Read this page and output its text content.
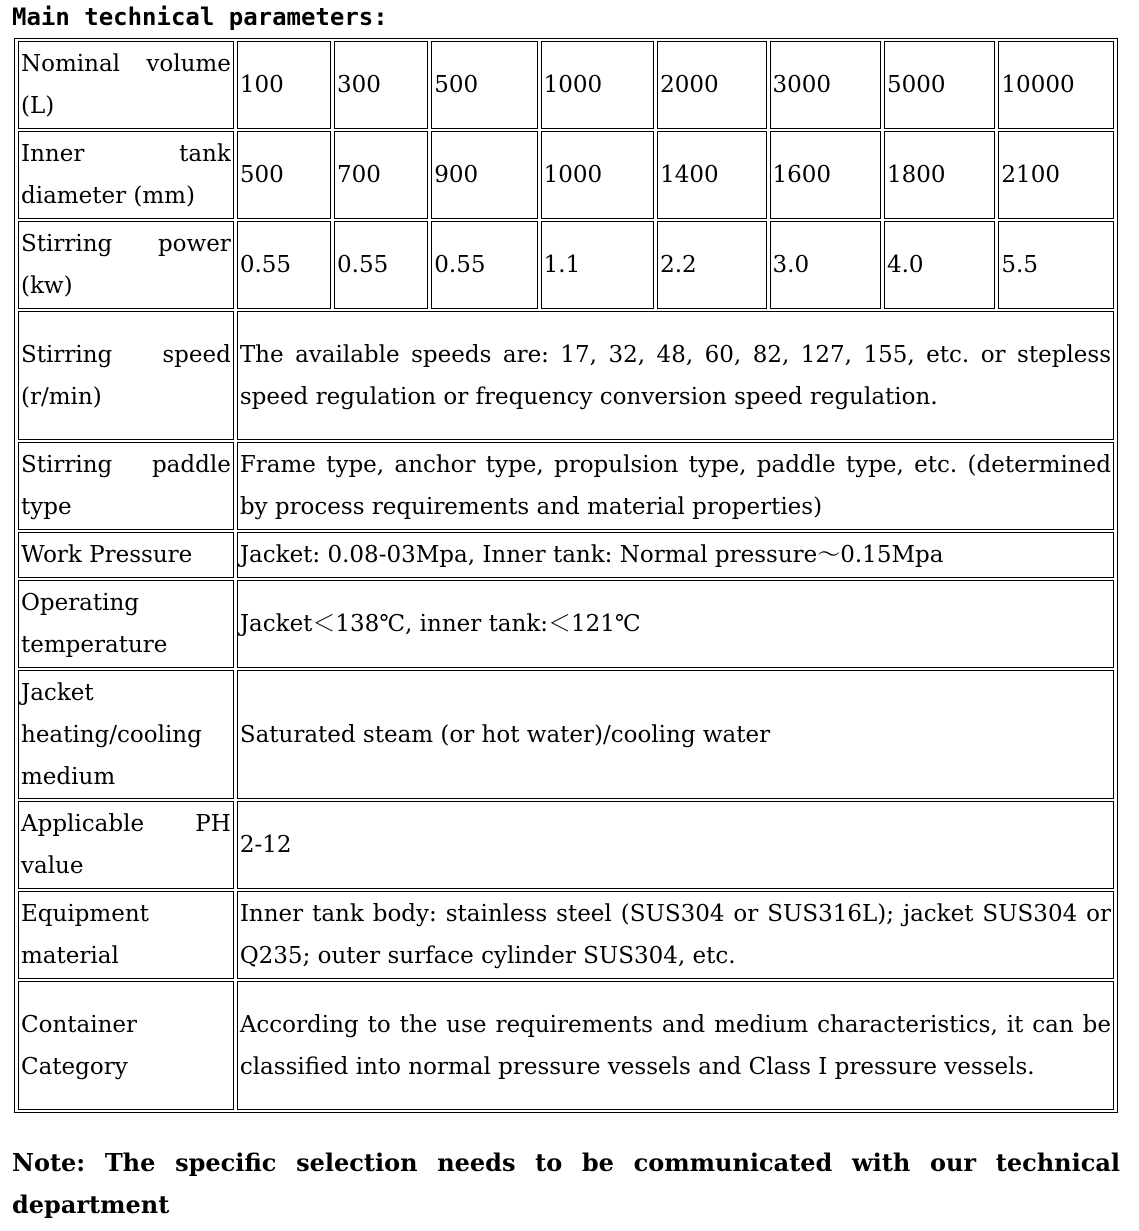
Main technical parameters:
Nominal volume (L)	100	300	500	1000	2000	3000	5000	10000
Inner tank diameter (mm)	500	700	900	1000	1400	1600	1800	2100
Stirring power (kw)	0.55	0.55	0.55	1.1	2.2	3.0	4.0	5.5
Stirring speed (r/min)	The available speeds are: 17, 32, 48, 60, 82, 127, 155, etc. or stepless speed regulation or frequency conversion speed regulation.							
Stirring paddle type	Frame type, anchor type, propulsion type, paddle type, etc. (determined by process requirements and material properties)							
Work Pressure	Jacket: 0.08-03Mpa, Inner tank: Normal pressure～0.15Mpa							
Operating temperature	Jacket＜138℃, inner tank:＜121℃							
Jacket heating/cooling medium	Saturated steam (or hot water)/cooling water							
Applicable PH value	2-12							
Equipment material	Inner tank body: stainless steel (SUS304 or SUS316L); jacket SUS304 or Q235; outer surface cylinder SUS304, etc.							
Container Category	According to the use requirements and medium characteristics, it can be classified into normal pressure vessels and Class I pressure vessels.							
Note: The specific selection needs to be communicated with our technical department
